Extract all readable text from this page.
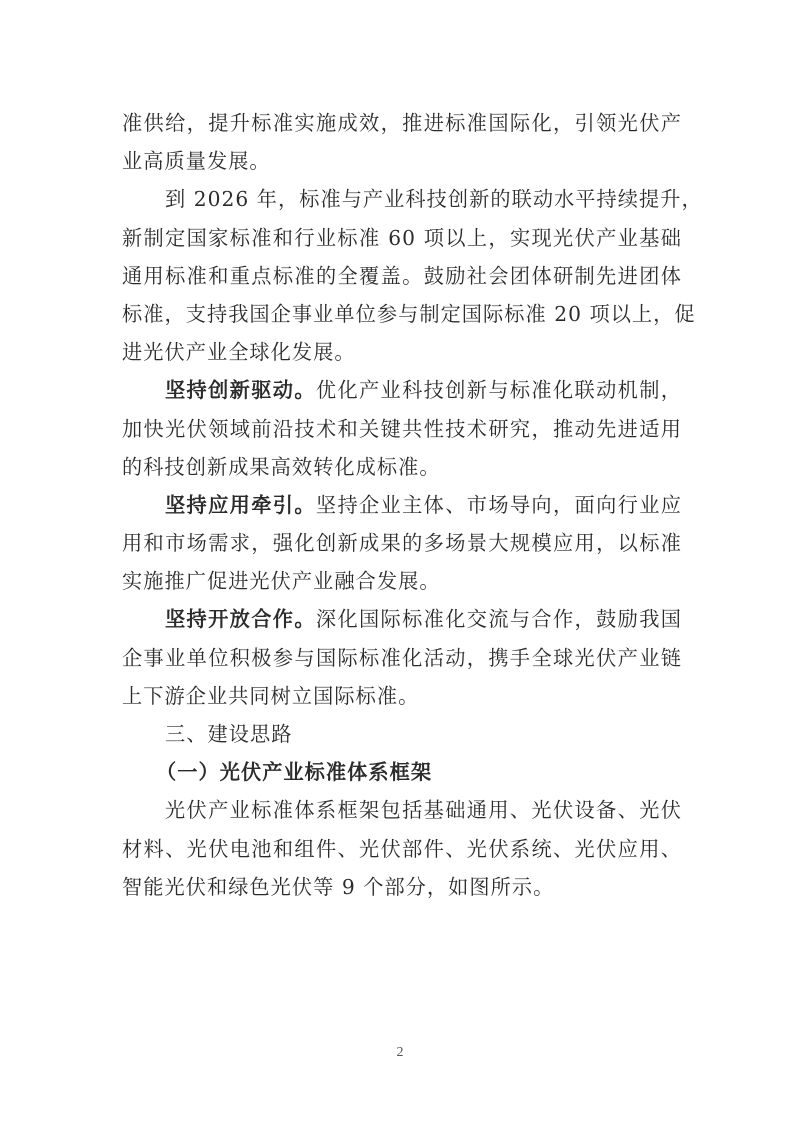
准供给，提升标准实施成效，推进标准国际化，引领光伏产
业高质量发展。
到 2026 年，标准与产业科技创新的联动水平持续提升，
新制定国家标准和行业标准 60 项以上，实现光伏产业基础
通用标准和重点标准的全覆盖。鼓励社会团体研制先进团体
标准，支持我国企事业单位参与制定国际标准 20 项以上，促
进光伏产业全球化发展。
坚持创新驱动。优化产业科技创新与标准化联动机制，
加快光伏领域前沿技术和关键共性技术研究，推动先进适用
的科技创新成果高效转化成标准。
坚持应用牵引。坚持企业主体、市场导向，面向行业应
用和市场需求，强化创新成果的多场景大规模应用，以标准
实施推广促进光伏产业融合发展。
坚持开放合作。深化国际标准化交流与合作，鼓励我国
企事业单位积极参与国际标准化活动，携手全球光伏产业链
上下游企业共同树立国际标准。
三、建设思路
（一）光伏产业标准体系框架
光伏产业标准体系框架包括基础通用、光伏设备、光伏
材料、光伏电池和组件、光伏部件、光伏系统、光伏应用、
智能光伏和绿色光伏等 9 个部分，如图所示。
2
